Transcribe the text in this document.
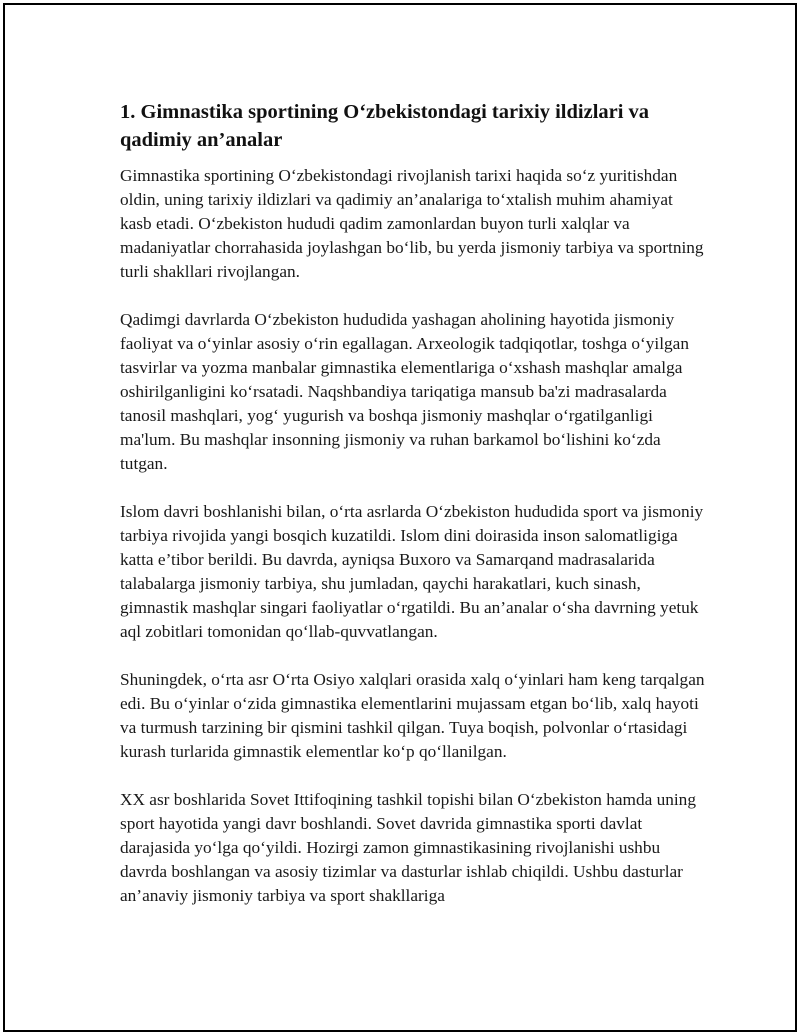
1. Gimnastika sportining O‘zbekistondagi tarixiy ildizlari va qadimiy an’analar

Gimnastika sportining O‘zbekistondagi rivojlanish tarixi haqida so‘z yuritishdan oldin, uning tarixiy ildizlari va qadimiy an’analariga to‘xtalish muhim ahamiyat kasb etadi. O‘zbekiston hududi qadim zamonlardan buyon turli xalqlar va madaniyatlar chorrahasida joylashgan bo‘lib, bu yerda jismoniy tarbiya va sportning turli shakllari rivojlangan.

Qadimgi davrlarda O‘zbekiston hududida yashagan aholining hayotida jismoniy faoliyat va o‘yinlar asosiy o‘rin egallagan. Arxeologik tadqiqotlar, toshga o‘yilgan tasvirlar va yozma manbalar gimnastika elementlariga o‘xshash mashqlar amalga oshirilganligini ko‘rsatadi. Naqshbandiya tariqatiga mansub ba'zi madrasalarda tanosil mashqlari, yog‘ yugurish va boshqa jismoniy mashqlar o‘rgatilganligi ma'lum. Bu mashqlar insonning jismoniy va ruhan barkamol bo‘lishini ko‘zda tutgan.

Islom davri boshlanishi bilan, o‘rta asrlarda O‘zbekiston hududida sport va jismoniy tarbiya rivojida yangi bosqich kuzatildi. Islom dini doirasida inson salomatligiga katta e’tibor berildi. Bu davrda, ayniqsa Buxoro va Samarqand madrasalarida talabalarga jismoniy tarbiya, shu jumladan, qaychi harakatlari, kuch sinash, gimnastik mashqlar singari faoliyatlar o‘rgatildi. Bu an’analar o‘sha davrning yetuk aql zobitlari tomonidan qo‘llab-quvvatlangan.

Shuningdek, o‘rta asr O‘rta Osiyo xalqlari orasida xalq o‘yinlari ham keng tarqalgan edi. Bu o‘yinlar o‘zida gimnastika elementlarini mujassam etgan bo‘lib, xalq hayoti va turmush tarzining bir qismini tashkil qilgan. Tuya boqish, polvonlar o‘rtasidagi kurash turlarida gimnastik elementlar ko‘p qo‘llanilgan.

XX asr boshlarida Sovet Ittifoqining tashkil topishi bilan O‘zbekiston hamda uning sport hayotida yangi davr boshlandi. Sovet davrida gimnastika sporti davlat darajasida yo‘lga qo‘yildi. Hozirgi zamon gimnastikasining rivojlanishi ushbu davrda boshlangan va asosiy tizimlar va dasturlar ishlab chiqildi. Ushbu dasturlar an’anaviy jismoniy tarbiya va sport shakllariga
